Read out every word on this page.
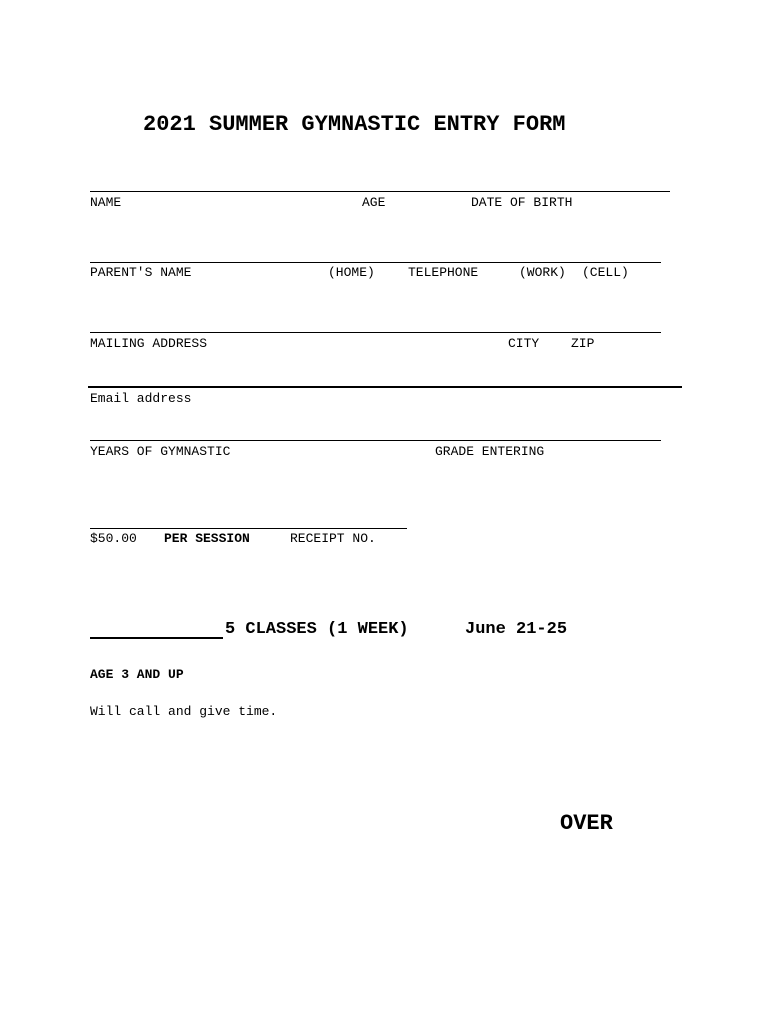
2021 SUMMER GYMNASTIC ENTRY FORM
NAME	AGE	DATE OF BIRTH
PARENT'S NAME	(HOME)	TELEPHONE	(WORK) (CELL)
MAILING ADDRESS	CITY ZIP
Email address
YEARS OF GYMNASTIC	GRADE ENTERING
$50.00 PER SESSION	RECEIPT NO.
5 CLASSES (1 WEEK)	June 21-25
AGE 3 AND UP
Will call and give time.
OVER
